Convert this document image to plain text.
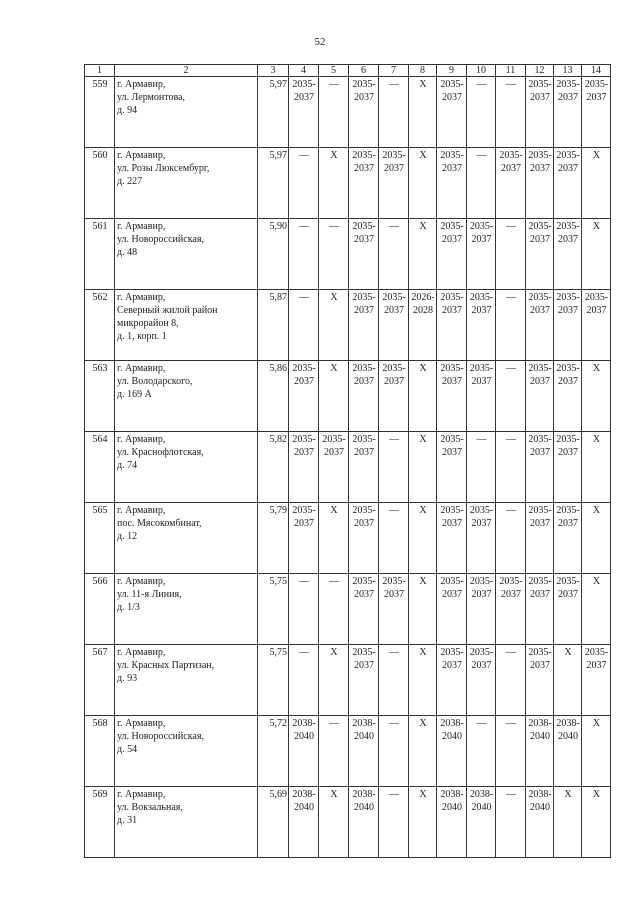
52
1	2	3	4	5	6	7	8	9	10	11	12	13	14

559	г. Армавир,
ул. Лермонтова,
д. 94	5,97	2035-
2037	—	2035-
2037	—	X	2035-
2037	—	—	2035-
2037	2035-
2037	2035-
2037

560	г. Армавир,
ул. Розы Люксембург,
д. 227	5,97	—	X	2035-
2037	2035-
2037	X	2035-
2037	—	2035-
2037	2035-
2037	2035-
2037	X

561	г. Армавир,
ул. Новороссийская,
д. 48	5,90	—	—	2035-
2037	—	X	2035-
2037	2035-
2037	—	2035-
2037	2035-
2037	X

562	г. Армавир,
Северный жилой район
микрорайон 8,
д. 1, корп. 1	5,87	—	X	2035-
2037	2035-
2037	2026-
2028	2035-
2037	2035-
2037	—	2035-
2037	2035-
2037	2035-
2037

563	г. Армавир,
ул. Володарского,
д. 169 А	5,86	2035-
2037	X	2035-
2037	2035-
2037	X	2035-
2037	2035-
2037	—	2035-
2037	2035-
2037	X

564	г. Армавир,
ул. Краснофлотская,
д. 74	5,82	2035-
2037	2035-
2037	2035-
2037	—	X	2035-
2037	—	—	2035-
2037	2035-
2037	X

565	г. Армавир,
пос. Мясокомбинат,
д. 12	5,79	2035-
2037	X	2035-
2037	—	X	2035-
2037	2035-
2037	—	2035-
2037	2035-
2037	X

566	г. Армавир,
ул. 11-я Линия,
д. 1/3	5,75	—	—	2035-
2037	2035-
2037	X	2035-
2037	2035-
2037	2035-
2037	2035-
2037	2035-
2037	X

567	г. Армавир,
ул. Красных Партизан,
д. 93	5,75	—	X	2035-
2037	—	X	2035-
2037	2035-
2037	—	2035-
2037	X	2035-
2037

568	г. Армавир,
ул. Новороссийская,
д. 54	5,72	2038-
2040	—	2038-
2040	—	X	2038-
2040	—	—	2038-
2040	2038-
2040	X

569	г. Армавир,
ул. Вокзальная,
д. 31	5,69	2038-
2040	X	2038-
2040	—	X	2038-
2040	2038-
2040	—	2038-
2040	X	X
